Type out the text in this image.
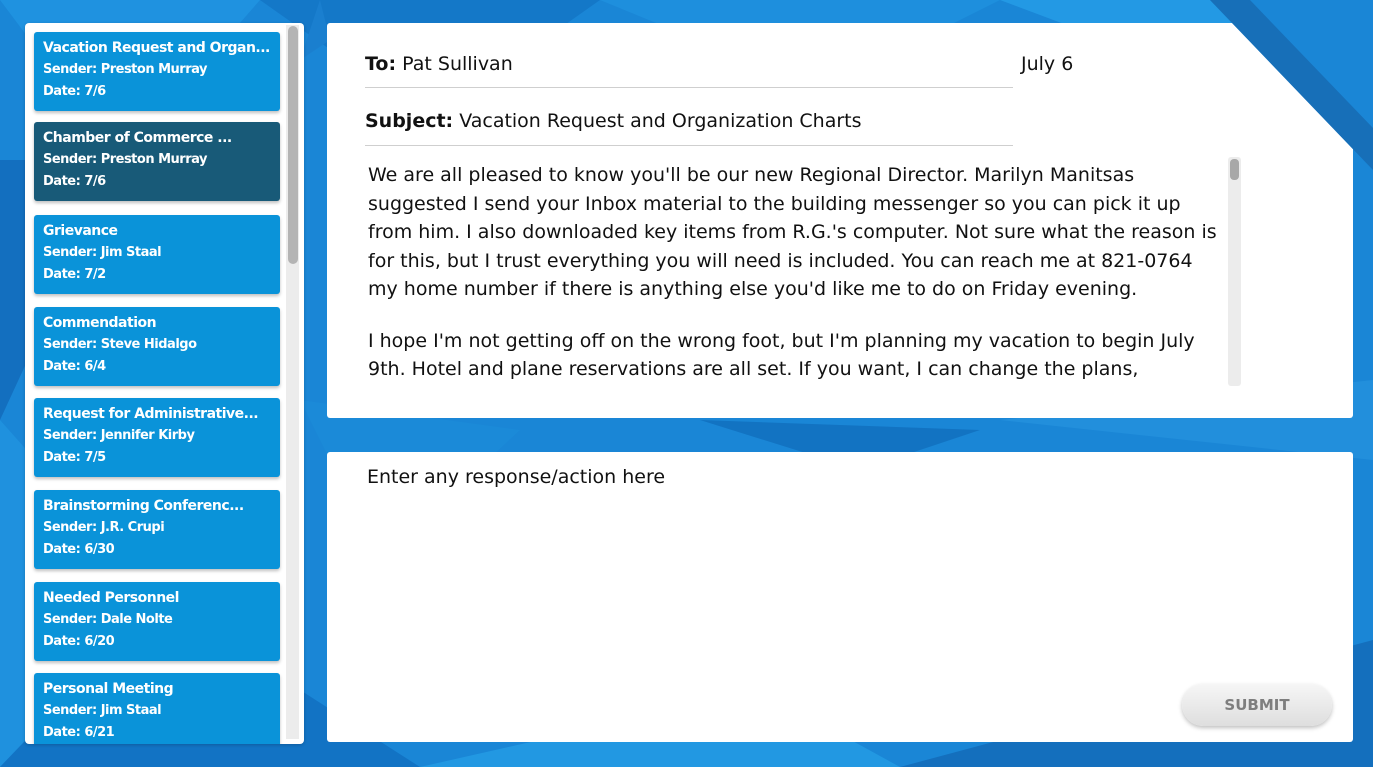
Vacation Request and Organ...
Sender: Preston Murray
Date: 7/6
Chamber of Commerce ...
Sender: Preston Murray
Date: 7/6
Grievance
Sender: Jim Staal
Date: 7/2
Commendation
Sender: Steve Hidalgo
Date: 6/4
Request for Administrative...
Sender: Jennifer Kirby
Date: 7/5
Brainstorming Conferenc...
Sender: J.R. Crupi
Date: 6/30
Needed Personnel
Sender: Dale Nolte
Date: 6/20
Personal Meeting
Sender: Jim Staal
Date: 6/21
To: Pat Sullivan	July 6
Subject: Vacation Request and Organization Charts

We are all pleased to know you'll be our new Regional Director. Marilyn Manitsas suggested I send your Inbox material to the building messenger so you can pick it up from him. I also downloaded key items from R.G.'s computer. Not sure what the reason is for this, but I trust everything you will need is included. You can reach me at 821-0764 my home number if there is anything else you'd like me to do on Friday evening.

I hope I'm not getting off on the wrong foot, but I'm planning my vacation to begin July 9th. Hotel and plane reservations are all set. If you want, I can change the plans,

Enter any response/action here
SUBMIT
